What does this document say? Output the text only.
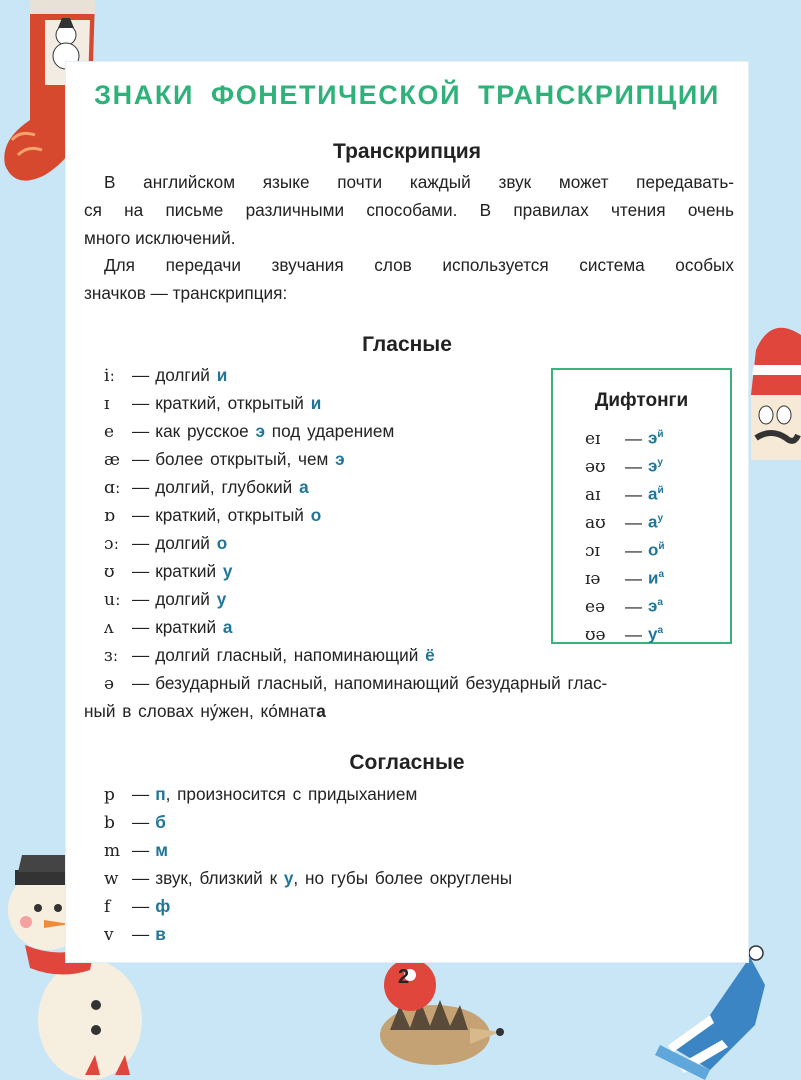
ЗНАКИ ФОНЕТИЧЕСКОЙ ТРАНСКРИПЦИИ
Транскрипция
В английском языке почти каждый звук может передавать-
ся на письме различными способами. В правилах чтения очень
много исключений.
Для передачи звучания слов используется система особых
значков — транскрипция:
Гласные
iː — долгий и
ɪ — краткий, открытый и
e — как русское э под ударением
æ — более открытый, чем э
ɑː — долгий, глубокий а
ɒ — краткий, открытый о
ɔː — долгий о
ʊ — краткий у
uː — долгий у
ʌ — краткий а
ɜː — долгий гласный, напоминающий ё
ə — безударный гласный, напоминающий безударный глас-
ный в словах ну́жен, ко́мната
Дифтонги
eɪ — $э^й$
əʊ — $э^у$
aɪ — $а^й$
aʊ — $а^у$
ɔɪ — $о^й$
ɪə — $и^а$
eə — $э^а$
ʊə — $у^а$
Согласные
p — п, произносится с придыханием
b — б
m — м
w — звук, близкий к у, но губы более округлены
f — ф
v — в
2
